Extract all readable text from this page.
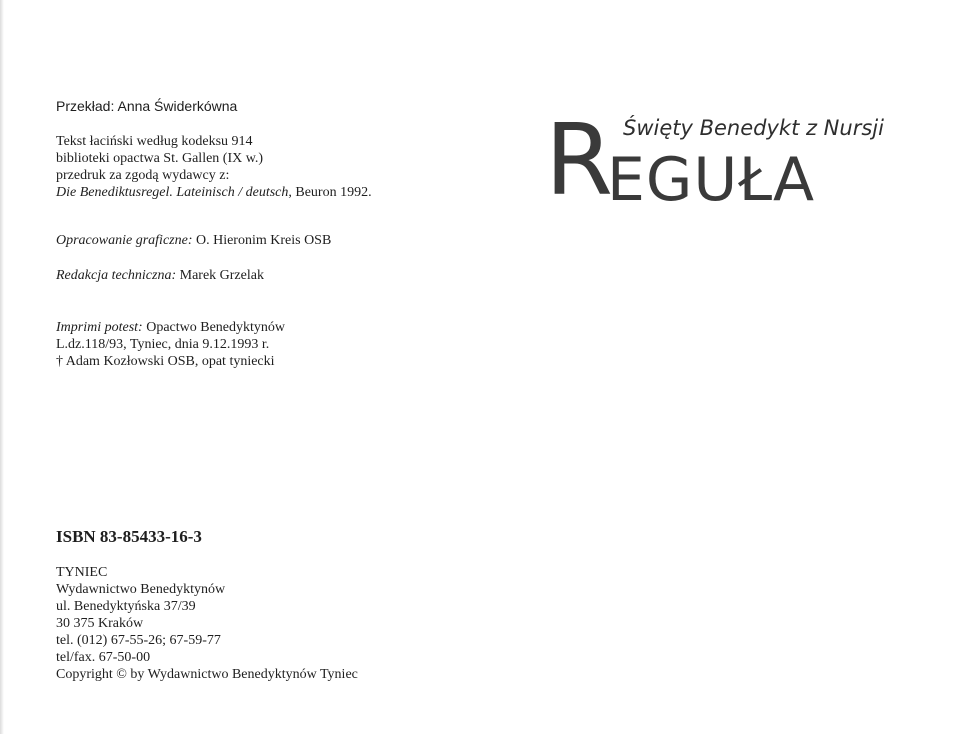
Przekład: Anna Świderkówna
Tekst łaciński według kodeksu 914
biblioteki opactwa St. Gallen (IX w.)
przedruk za zgodą wydawcy z:
Die Benediktusregel. Lateinisch / deutsch, Beuron 1992.
Opracowanie graficzne: O. Hieronim Kreis OSB
Redakcja techniczna: Marek Grzelak
Imprimi potest: Opactwo Benedyktynów
L.dz.118/93, Tyniec, dnia 9.12.1993 r.
† Adam Kozłowski OSB, opat tyniecki
ISBN 83-85433-16-3
TYNIEC
Wydawnictwo Benedyktynów
ul. Benedyktyńska 37/39
30 375 Kraków
tel. (012) 67-55-26; 67-59-77
tel/fax. 67-50-00
Copyright © by Wydawnictwo Benedyktynów Tyniec
R Święty Benedykt z Nursji
EGUŁA
